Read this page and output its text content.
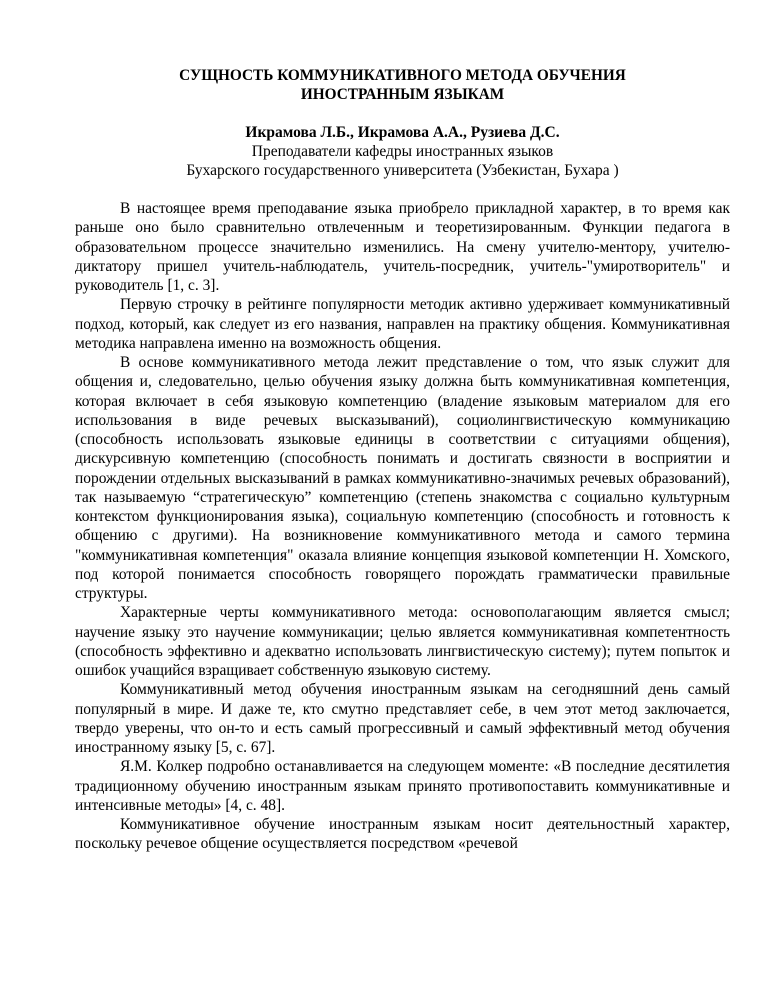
СУЩНОСТЬ КОММУНИКАТИВНОГО МЕТОДА ОБУЧЕНИЯ

ИНОСТРАННЫМ ЯЗЫКАМ

Икрамова Л.Б., Икрамова А.А., Рузиева Д.С.

Преподаватели кафедры иностранных языков

Бухарского государственного университета (Узбекистан, Бухара )

В настоящее время преподавание языка приобрело прикладной характер, в то время как раньше оно было сравнительно отвлеченным и теоретизированным. Функции педагога в образовательном процессе значительно изменились. На смену учителю-ментору, учителю-диктатору пришел учитель-наблюдатель, учитель-посредник, учитель-"умиротворитель" и руководитель [1, с. 3].

Первую строчку в рейтинге популярности методик активно удерживает коммуникативный подход, который, как следует из его названия, направлен на практику общения. Коммуникативная методика направлена именно на возможность общения.

В основе коммуникативного метода лежит представление о том, что язык служит для общения и, следовательно, целью обучения языку должна быть коммуникативная компетенция, которая включает в себя языковую компетенцию (владение языковым материалом для его использования в виде речевых высказываний), социолингвистическую коммуникацию (способность использовать языковые единицы в соответствии с ситуациями общения), дискурсивную компетенцию (способность понимать и достигать связности в восприятии и порождении отдельных высказываний в рамках коммуникативно-значимых речевых образований), так называемую “стратегическую” компетенцию (степень знакомства с социально культурным контекстом функционирования языка), социальную компетенцию (способность и готовность к общению с другими). На возникновение коммуникативного метода и самого термина "коммуникативная компетенция" оказала влияние концепция языковой компетенции Н. Хомского, под которой понимается способность говорящего порождать грамматически правильные структуры.

Характерные черты коммуникативного метода: основополагающим является смысл; научение языку это научение коммуникации; целью является коммуникативная компетентность (способность эффективно и адекватно использовать лингвистическую систему); путем попыток и ошибок учащийся взращивает собственную языковую систему.

Коммуникативный метод обучения иностранным языкам на сегодняшний день самый популярный в мире. И даже те, кто смутно представляет себе, в чем этот метод заключается, твердо уверены, что он-то и есть самый прогрессивный и самый эффективный метод обучения иностранному языку [5, с. 67].

Я.М. Колкер подробно останавливается на следующем моменте: «В последние десятилетия традиционному обучению иностранным языкам принято противопоставить коммуникативные и интенсивные методы» [4, с. 48].

Коммуникативное обучение иностранным языкам носит деятельностный характер, поскольку речевое общение осуществляется посредством «речевой
